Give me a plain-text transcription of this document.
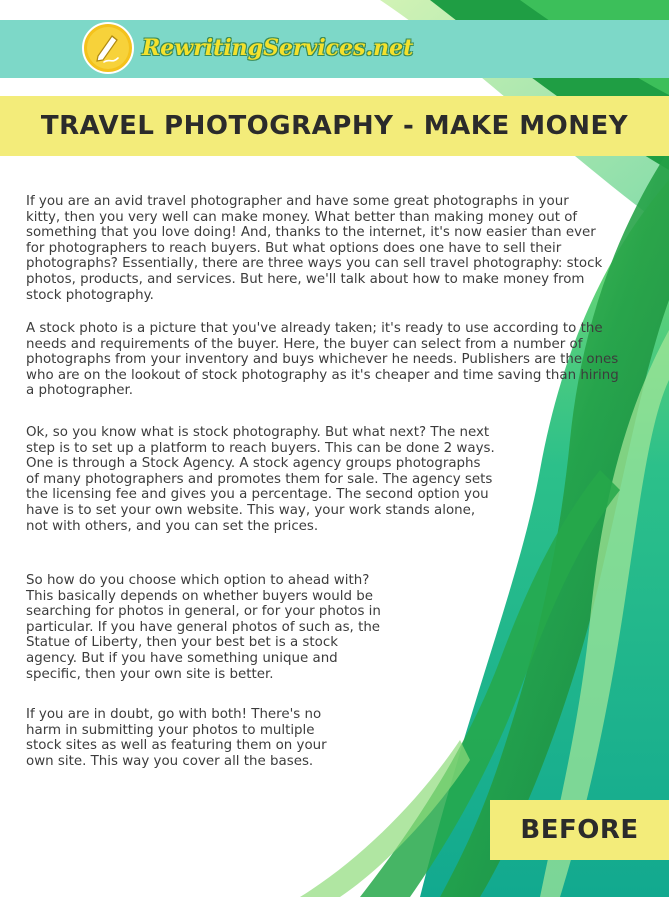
RewritingServices.net
TRAVEL PHOTOGRAPHY - MAKE MONEY

If you are an avid travel photographer and have some great photographs in your kitty, then you very well can make money. What better than making money out of something that you love doing! And, thanks to the internet, it's now easier than ever for photographers to reach buyers. But what options does one have to sell their photographs? Essentially, there are three ways you can sell travel photography: stock photos, products, and services. But here, we'll talk about how to make money from stock photography.

A stock photo is a picture that you've already taken; it's ready to use according to the needs and requirements of the buyer. Here, the buyer can select from a number of photographs from your inventory and buys whichever he needs. Publishers are the ones who are on the lookout of stock photography as it's cheaper and time saving than hiring a photographer.

Ok, so you know what is stock photography. But what next? The next step is to set up a platform to reach buyers. This can be done 2 ways. One is through a Stock Agency. A stock agency groups photographs of many photographers and promotes them for sale. The agency sets the licensing fee and gives you a percentage. The second option you have is to set your own website. This way, your work stands alone, not with others, and you can set the prices.

So how do you choose which option to ahead with? This basically depends on whether buyers would be searching for photos in general, or for your photos in particular. If you have general photos of such as, the Statue of Liberty, then your best bet is a stock agency. But if you have something unique and specific, then your own site is better.

If you are in doubt, go with both! There's no harm in submitting your photos to multiple stock sites as well as featuring them on your own site. This way you cover all the bases.

BEFORE
